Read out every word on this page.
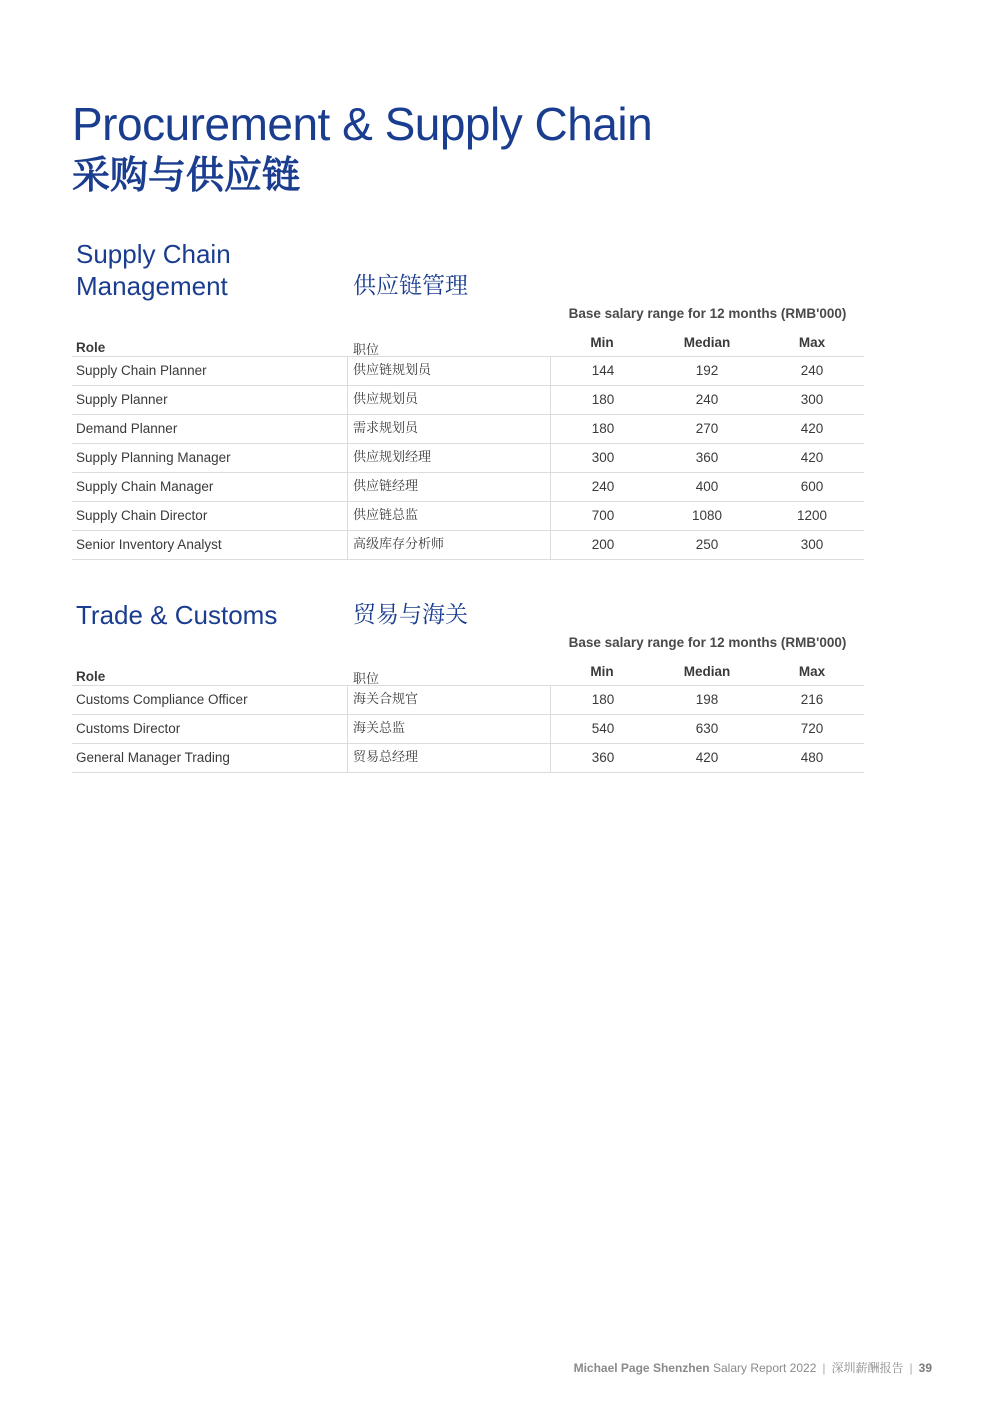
Procurement & Supply Chain
采购与供应链
Supply Chain
Management	供应链管理
Base salary range for 12 months (RMB'000)
Role	职位
Min	Median	Max
Supply Chain Planner	供应链规划员	144	192	240
Supply Planner	供应规划员	180	240	300
Demand Planner	需求规划员	180	270	420
Supply Planning Manager	供应规划经理	300	360	420
Supply Chain Manager	供应链经理	240	400	600
Supply Chain Director	供应链总监	700	1080	1200
Senior Inventory Analyst	高级库存分析师	200	250	300
Trade & Customs	贸易与海关
Base salary range for 12 months (RMB'000)
Role	职位
Min	Median	Max
Customs Compliance Officer	海关合规官	180	198	216
Customs Director	海关总监	540	630	720
General Manager Trading	贸易总经理	360	420	480
Michael Page Shenzhen Salary Report 2022 | 深圳薪酬报告 | 39
